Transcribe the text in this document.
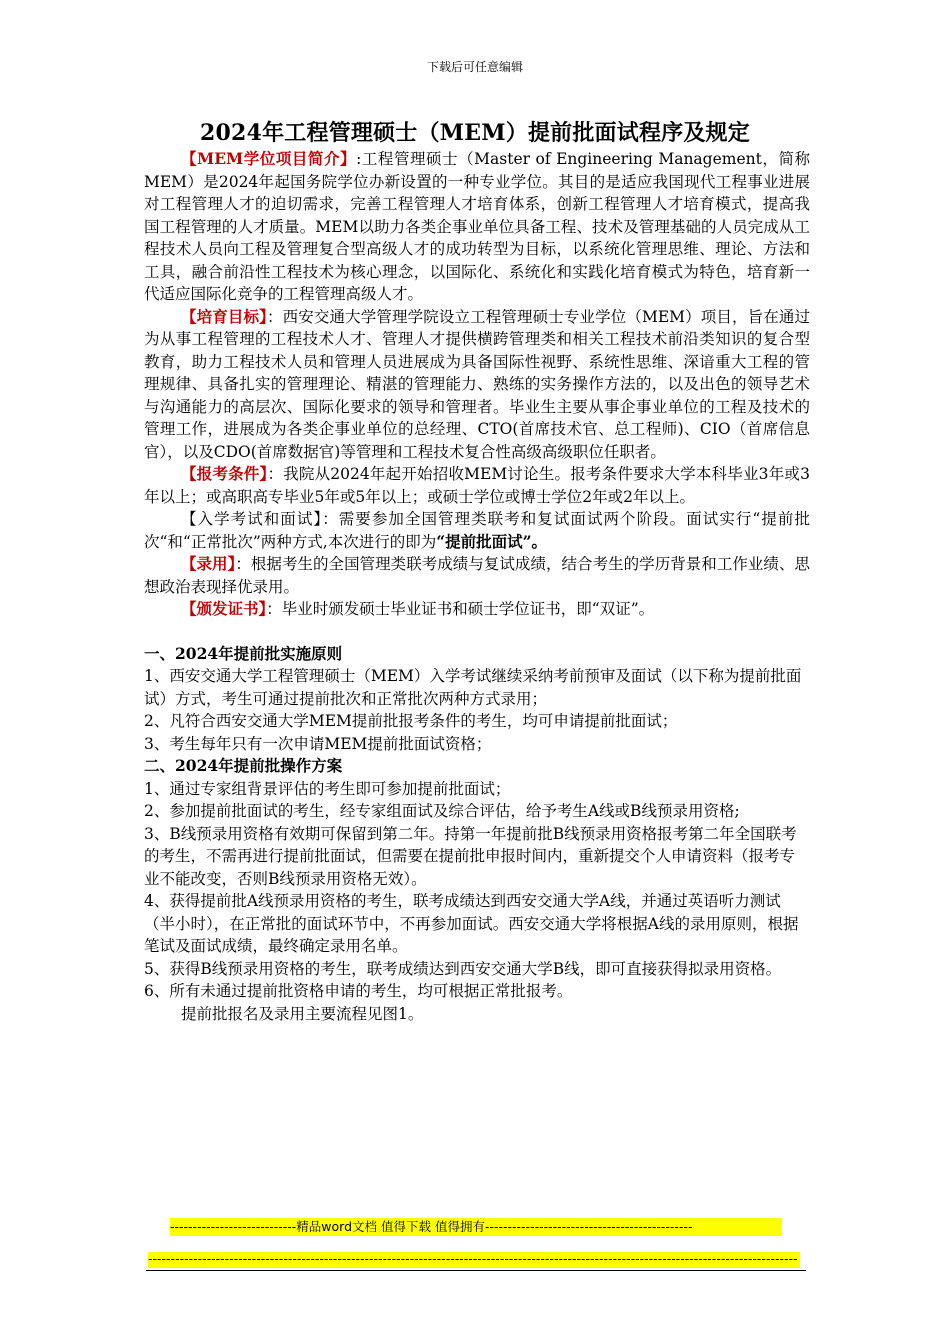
下载后可任意编辑
2024年工程管理硕士（MEM）提前批面试程序及规定

【MEM学位项目简介】:工程管理硕士（Master of Engineering Management，简称MEM）是2024年起国务院学位办新设置的一种专业学位。其目的是适应我国现代工程事业进展对工程管理人才的迫切需求，完善工程管理人才培育体系，创新工程管理人才培育模式，提高我国工程管理的人才质量。MEM以助力各类企事业单位具备工程、技术及管理基础的人员完成从工程技术人员向工程及管理复合型高级人才的成功转型为目标，以系统化管理思维、理论、方法和工具，融合前沿性工程技术为核心理念，以国际化、系统化和实践化培育模式为特色，培育新一代适应国际化竞争的工程管理高级人才。

【培育目标】：西安交通大学管理学院设立工程管理硕士专业学位（MEM）项目，旨在通过为从事工程管理的工程技术人才、管理人才提供横跨管理类和相关工程技术前沿类知识的复合型教育，助力工程技术人员和管理人员进展成为具备国际性视野、系统性思维、深谙重大工程的管理规律、具备扎实的管理理论、精湛的管理能力、熟练的实务操作方法的，以及出色的领导艺术与沟通能力的高层次、国际化要求的领导和管理者。毕业生主要从事企事业单位的工程及技术的管理工作，进展成为各类企事业单位的总经理、CTO(首席技术官、总工程师)、CIO（首席信息官），以及CDO(首席数据官)等管理和工程技术复合性高级高级职位任职者。

【报考条件】：我院从2024年起开始招收MEM讨论生。报考条件要求大学本科毕业3年或3年以上；或高职高专毕业5年或5年以上；或硕士学位或博士学位2年或2年以上。

【入学考试和面试】：需要参加全国管理类联考和复试面试两个阶段。面试实行“提前批次“和“正常批次”两种方式,本次进行的即为“提前批面试”。

【录用】：根据考生的全国管理类联考成绩与复试成绩，结合考生的学历背景和工作业绩、思想政治表现择优录用。

【颁发证书】：毕业时颁发硕士毕业证书和硕士学位证书，即“双证”。

一、2024年提前批实施原则

1、西安交通大学工程管理硕士（MEM）入学考试继续采纳考前预审及面试（以下称为提前批面试）方式，考生可通过提前批次和正常批次两种方式录用；

2、凡符合西安交通大学MEM提前批报考条件的考生，均可申请提前批面试；

3、考生每年只有一次申请MEM提前批面试资格；

二、2024年提前批操作方案

1、通过专家组背景评估的考生即可参加提前批面试；

2、参加提前批面试的考生，经专家组面试及综合评估，给予考生A线或B线预录用资格;

3、B线预录用资格有效期可保留到第二年。持第一年提前批B线预录用资格报考第二年全国联考的考生，不需再进行提前批面试，但需要在提前批申报时间内，重新提交个人申请资料（报考专业不能改变，否则B线预录用资格无效）。

4、获得提前批A线预录用资格的考生，联考成绩达到西安交通大学A线，并通过英语听力测试（半小时），在正常批的面试环节中，不再参加面试。西安交通大学将根据A线的录用原则，根据笔试及面试成绩，最终确定录用名单。

5、获得B线预录用资格的考生，联考成绩达到西安交通大学B线，即可直接获得拟录用资格。

6、所有未通过提前批资格申请的考生，均可根据正常批报考。

提前批报名及录用主要流程见图1。

----------------------------精品word文档 值得下载 值得拥有----------------------------------------------
------------------------------------------------------------------------------------------------------------------------------------------------
